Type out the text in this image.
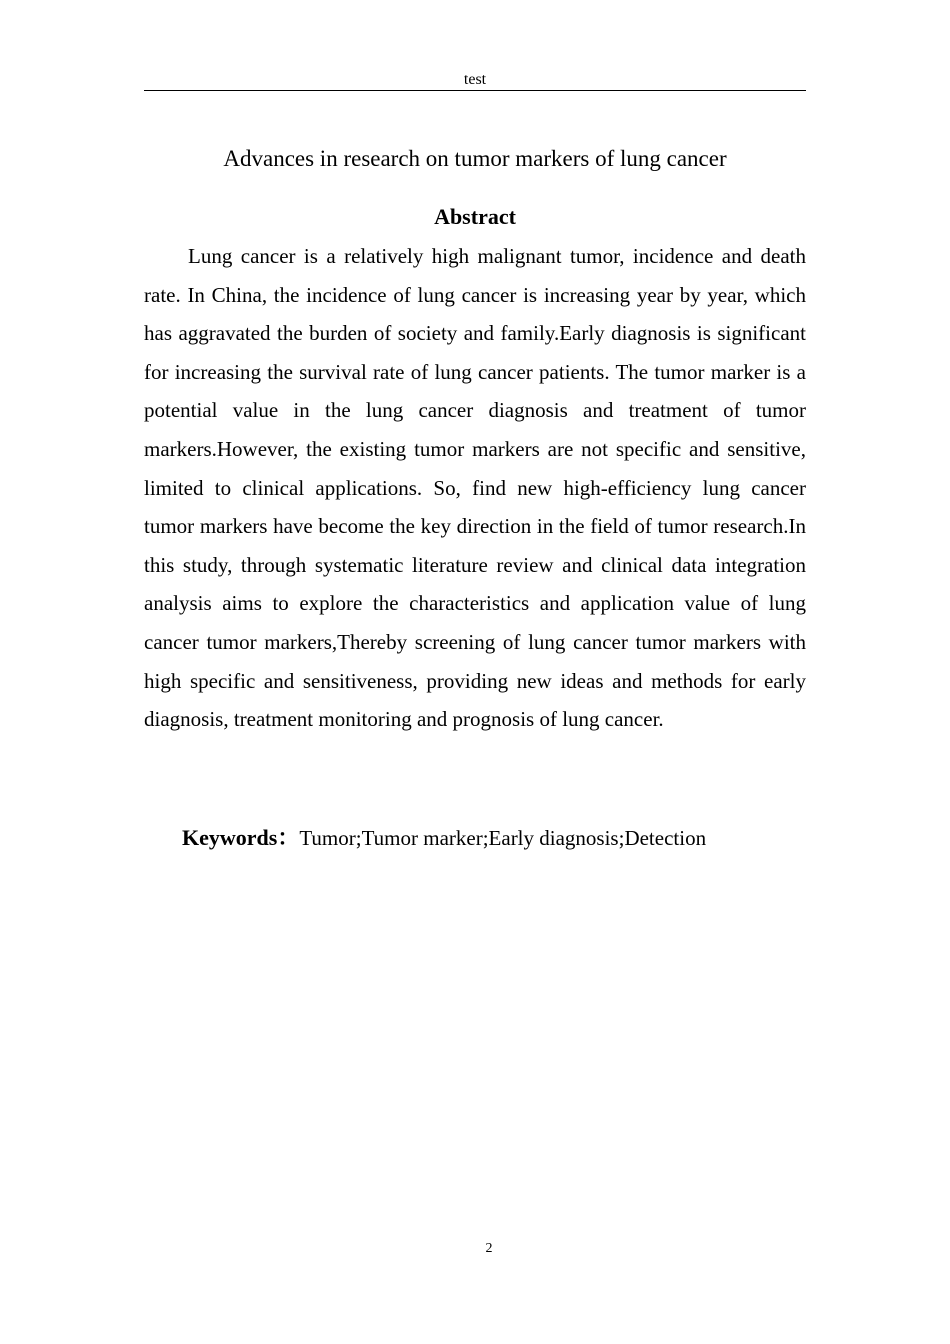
test
Advances in research on tumor markers of lung cancer
Abstract

Lung cancer is a relatively high malignant tumor, incidence and death rate. In China, the incidence of lung cancer is increasing year by year, which has aggravated the burden of society and family.Early diagnosis is significant for increasing the survival rate of lung cancer patients. The tumor marker is a potential value in the lung cancer diagnosis and treatment of tumor markers.However, the existing tumor markers are not specific and sensitive, limited to clinical applications. So, find new high-efficiency lung cancer tumor markers have become the key direction in the field of tumor research.In this study, through systematic literature review and clinical data integration analysis aims to explore the characteristics and application value of lung cancer tumor markers,Thereby screening of lung cancer tumor markers with high specific and sensitiveness, providing new ideas and methods for early diagnosis, treatment monitoring and prognosis of lung cancer.

Keywords：Tumor;Tumor marker;Early diagnosis;Detection
2
